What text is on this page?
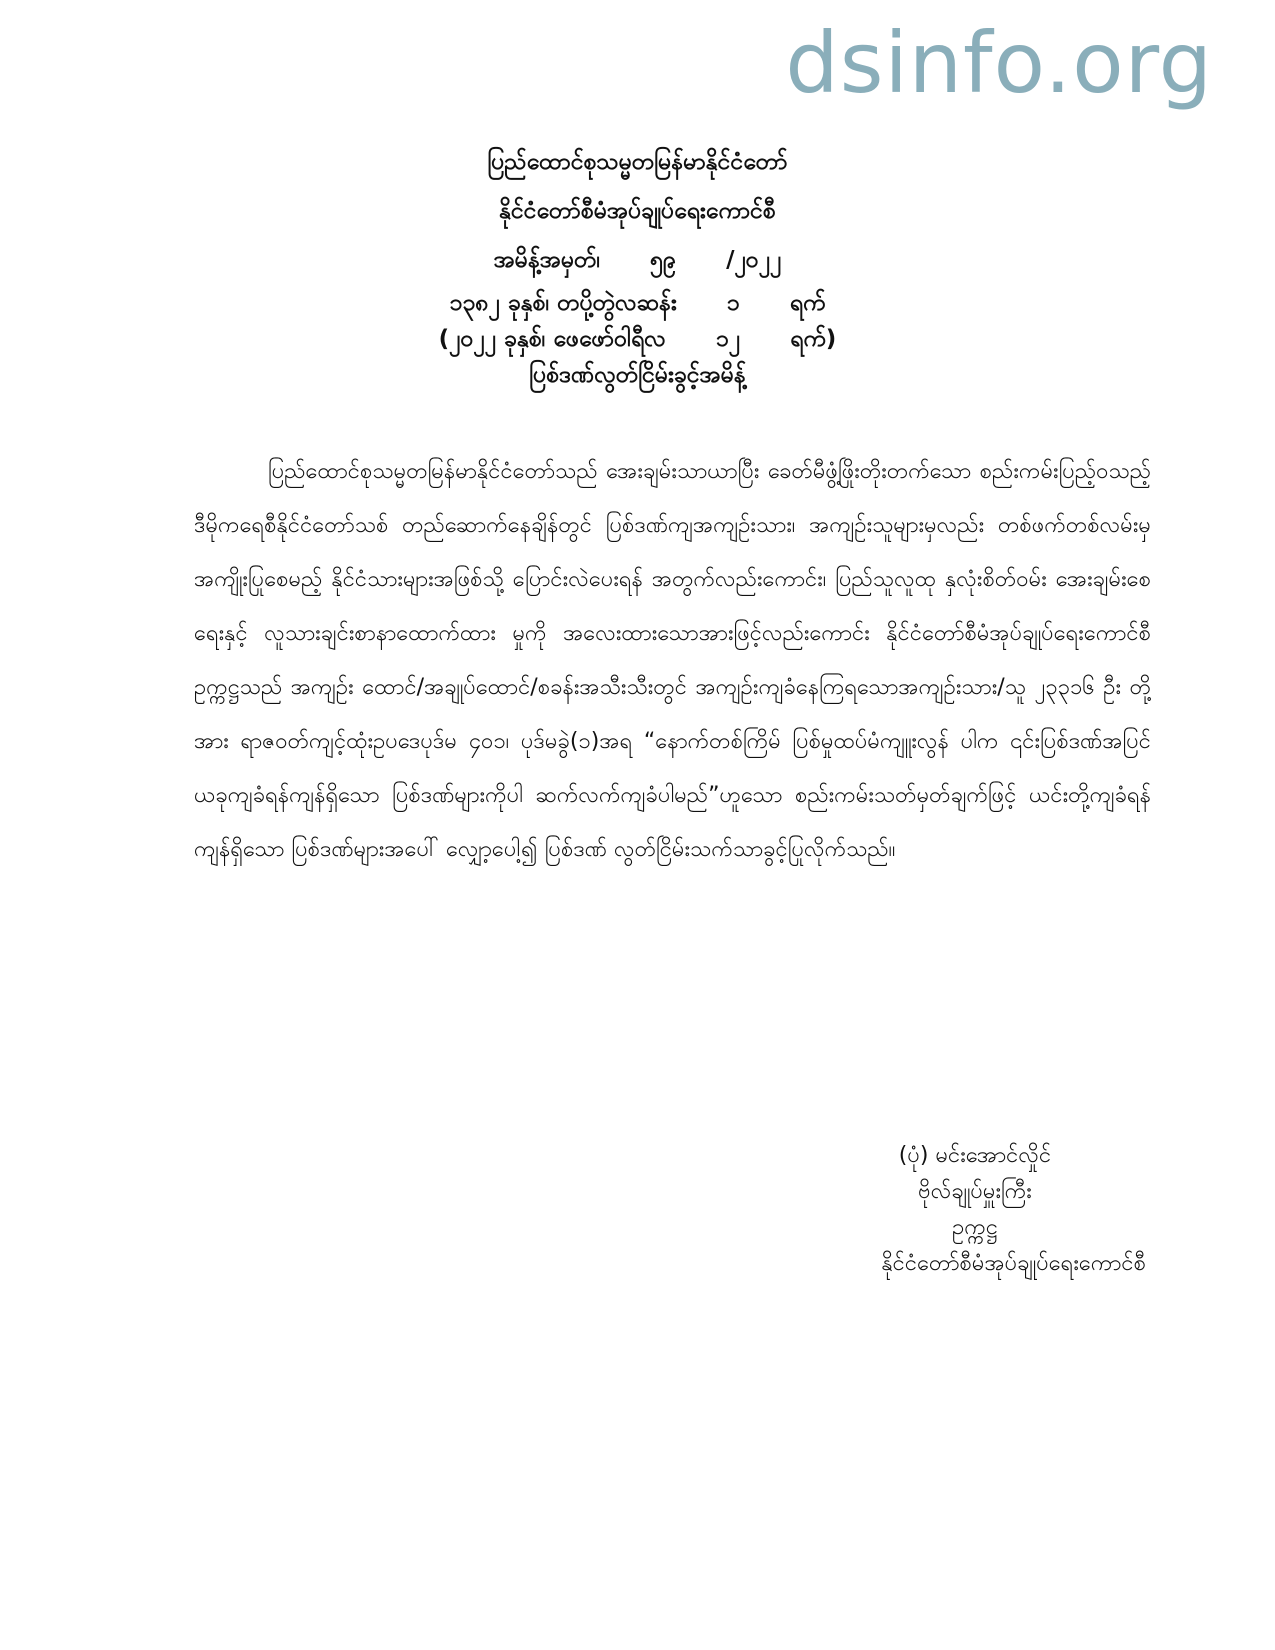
dsinfo.org
ပြည်ထောင်စုသမ္မတမြန်မာနိုင်ငံတော်
နိုင်ငံတော်စီမံအုပ်ချုပ်ရေးကောင်စီ
အမိန့်အမှတ်၊ ၅၉ /၂၀၂၂
၁၃၈၂ ခုနှစ်၊ တပို့တွဲလဆန်း ၁ ရက်
(၂၀၂၂ ခုနှစ်၊ ဖေဖော်ဝါရီလ ၁၂ ရက်)
ပြစ်ဒဏ်လွတ်ငြိမ်းခွင့်အမိန့်
ပြည်ထောင်စုသမ္မတမြန်မာနိုင်ငံတော်သည် အေးချမ်းသာယာပြီး ခေတ်မီဖွံ့ဖြိုးတိုးတက်သော စည်းကမ်းပြည့်ဝသည့် ဒီမိုကရေစီနိုင်ငံတော်သစ် တည်ဆောက်နေချိန်တွင် ပြစ်ဒဏ်ကျအကျဉ်းသား၊ အကျဉ်းသူများမှလည်း တစ်ဖက်တစ်လမ်းမှ အကျိုးပြုစေမည့် နိုင်ငံသားများအဖြစ်သို့ ပြောင်းလဲပေးရန် အတွက်လည်းကောင်း၊ ပြည်သူလူထု နှလုံးစိတ်ဝမ်း အေးချမ်းစေရေးနှင့် လူသားချင်းစာနာထောက်ထား မှုကို အလေးထားသောအားဖြင့်လည်းကောင်း နိုင်ငံတော်စီမံအုပ်ချုပ်ရေးကောင်စီဥက္ကဋ္ဌသည် အကျဉ်း ထောင်/အချုပ်ထောင်/စခန်းအသီးသီးတွင် အကျဉ်းကျခံနေကြရသောအကျဉ်းသား/သူ ၂၃၃၁၆ ဦး တို့အား ရာဇဝတ်ကျင့်ထုံးဥပဒေပုဒ်မ ၄၀၁၊ ပုဒ်မခွဲ(၁)အရ “နောက်တစ်ကြိမ် ပြစ်မှုထပ်မံကျူးလွန် ပါက ၎င်းပြစ်ဒဏ်အပြင် ယခုကျခံရန်ကျန်ရှိသော ပြစ်ဒဏ်များကိုပါ ဆက်လက်ကျခံပါမည်”ဟူသော စည်းကမ်းသတ်မှတ်ချက်ဖြင့် ယင်းတို့ကျခံရန် ကျန်ရှိသော ပြစ်ဒဏ်များအပေါ် လျှော့ပေါ့၍ ပြစ်ဒဏ် လွတ်ငြိမ်းသက်သာခွင့်ပြုလိုက်သည်။
(ပုံ) မင်းအောင်လှိုင်
ဗိုလ်ချုပ်မှူးကြီး
ဥက္ကဋ္ဌ
နိုင်ငံတော်စီမံအုပ်ချုပ်ရေးကောင်စီ
